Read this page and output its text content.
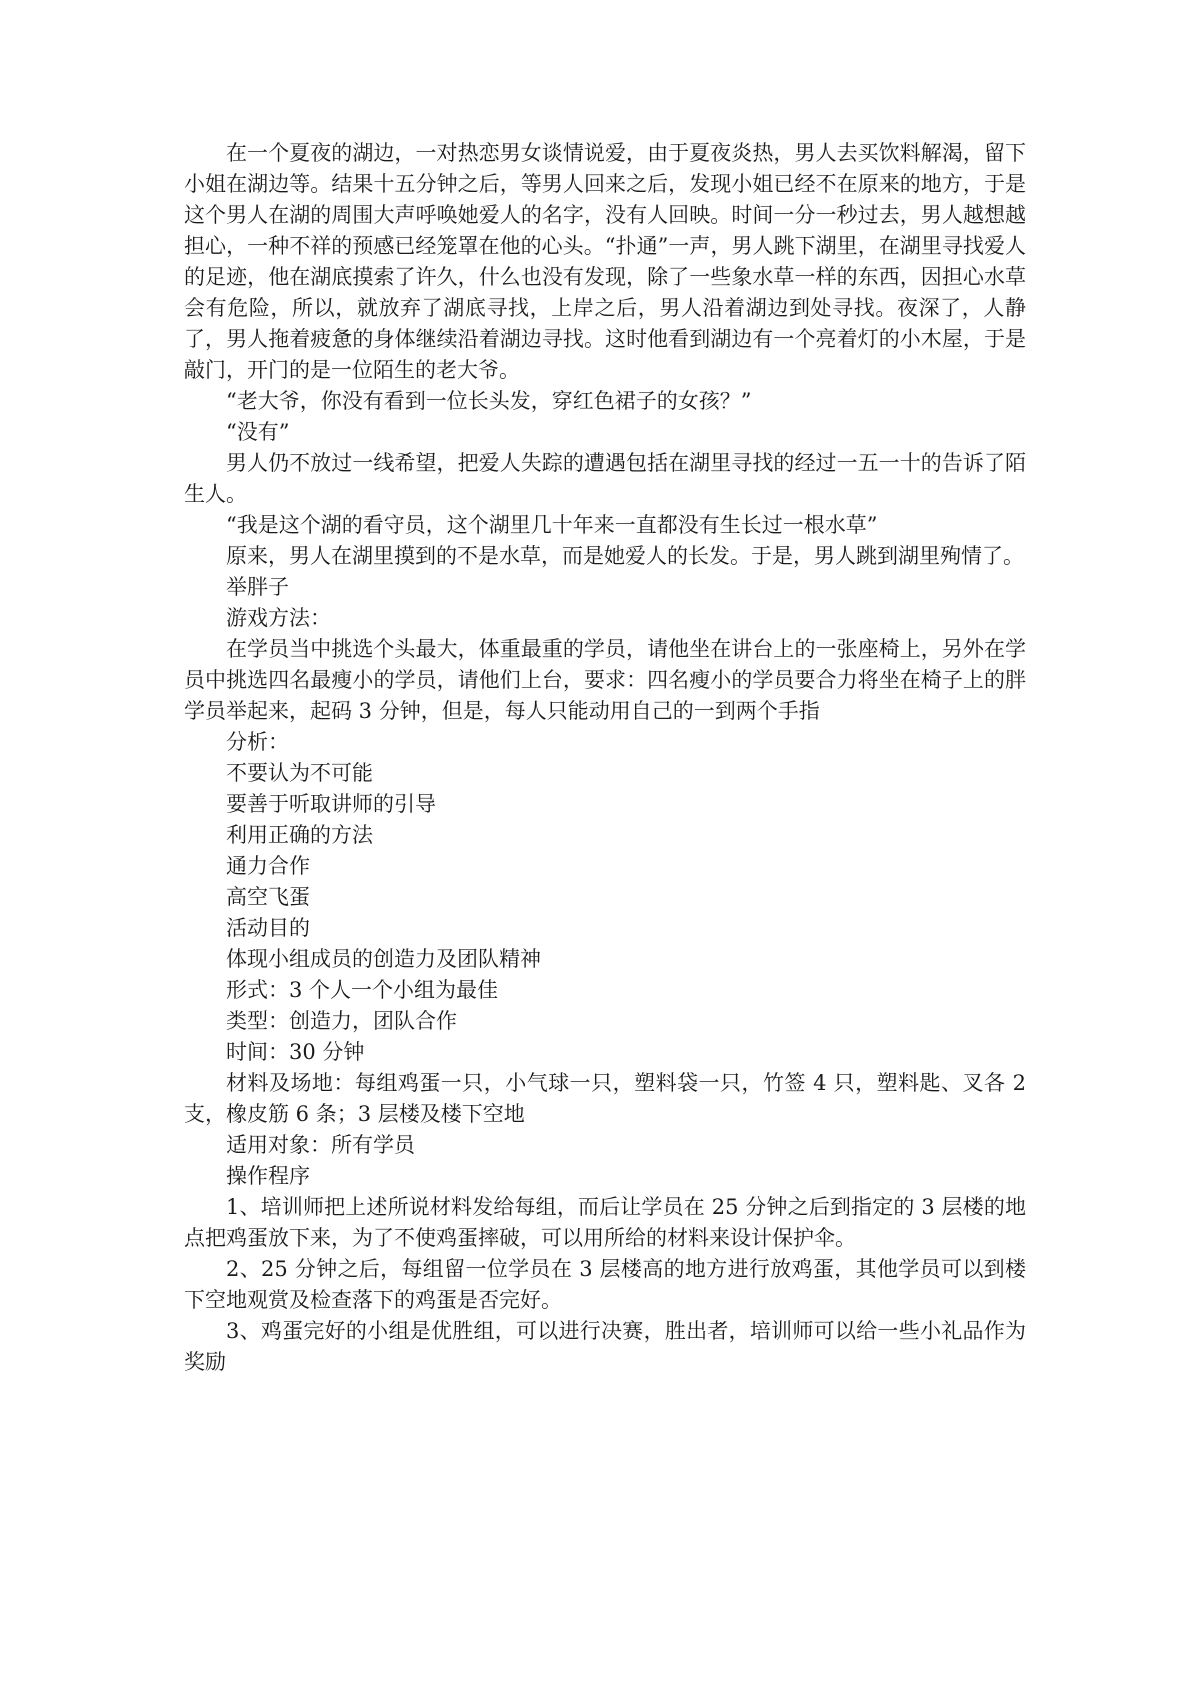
在一个夏夜的湖边，一对热恋男女谈情说爱，由于夏夜炎热，男人去买饮料解渴，留下小姐在湖边等。结果十五分钟之后，等男人回来之后，发现小姐已经不在原来的地方，于是这个男人在湖的周围大声呼唤她爱人的名字，没有人回映。时间一分一秒过去，男人越想越担心，一种不祥的预感已经笼罩在他的心头。“扑通”一声，男人跳下湖里，在湖里寻找爱人的足迹，他在湖底摸索了许久，什么也没有发现，除了一些象水草一样的东西，因担心水草会有危险，所以，就放弃了湖底寻找，上岸之后，男人沿着湖边到处寻找。夜深了，人静了，男人拖着疲惫的身体继续沿着湖边寻找。这时他看到湖边有一个亮着灯的小木屋，于是敲门，开门的是一位陌生的老大爷。

“老大爷，你没有看到一位长头发，穿红色裙子的女孩？”

“没有”

男人仍不放过一线希望，把爱人失踪的遭遇包括在湖里寻找的经过一五一十的告诉了陌生人。

“我是这个湖的看守员，这个湖里几十年来一直都没有生长过一根水草”

原来，男人在湖里摸到的不是水草，而是她爱人的长发。于是，男人跳到湖里殉情了。

举胖子

游戏方法：

在学员当中挑选个头最大，体重最重的学员，请他坐在讲台上的一张座椅上，另外在学员中挑选四名最瘦小的学员，请他们上台，要求：四名瘦小的学员要合力将坐在椅子上的胖学员举起来，起码 3 分钟，但是，每人只能动用自己的一到两个手指

分析：

不要认为不可能

要善于听取讲师的引导

利用正确的方法

通力合作

高空飞蛋

活动目的

体现小组成员的创造力及团队精神

形式：3 个人一个小组为最佳

类型：创造力，团队合作

时间：30 分钟

材料及场地：每组鸡蛋一只，小气球一只，塑料袋一只，竹签 4 只，塑料匙、叉各 2 支，橡皮筋 6 条；3 层楼及楼下空地

适用对象：所有学员

操作程序

1、培训师把上述所说材料发给每组，而后让学员在 25 分钟之后到指定的 3 层楼的地点把鸡蛋放下来，为了不使鸡蛋摔破，可以用所给的材料来设计保护伞。

2、25 分钟之后，每组留一位学员在 3 层楼高的地方进行放鸡蛋，其他学员可以到楼下空地观赏及检查落下的鸡蛋是否完好。

3、鸡蛋完好的小组是优胜组，可以进行决赛，胜出者，培训师可以给一些小礼品作为奖励
